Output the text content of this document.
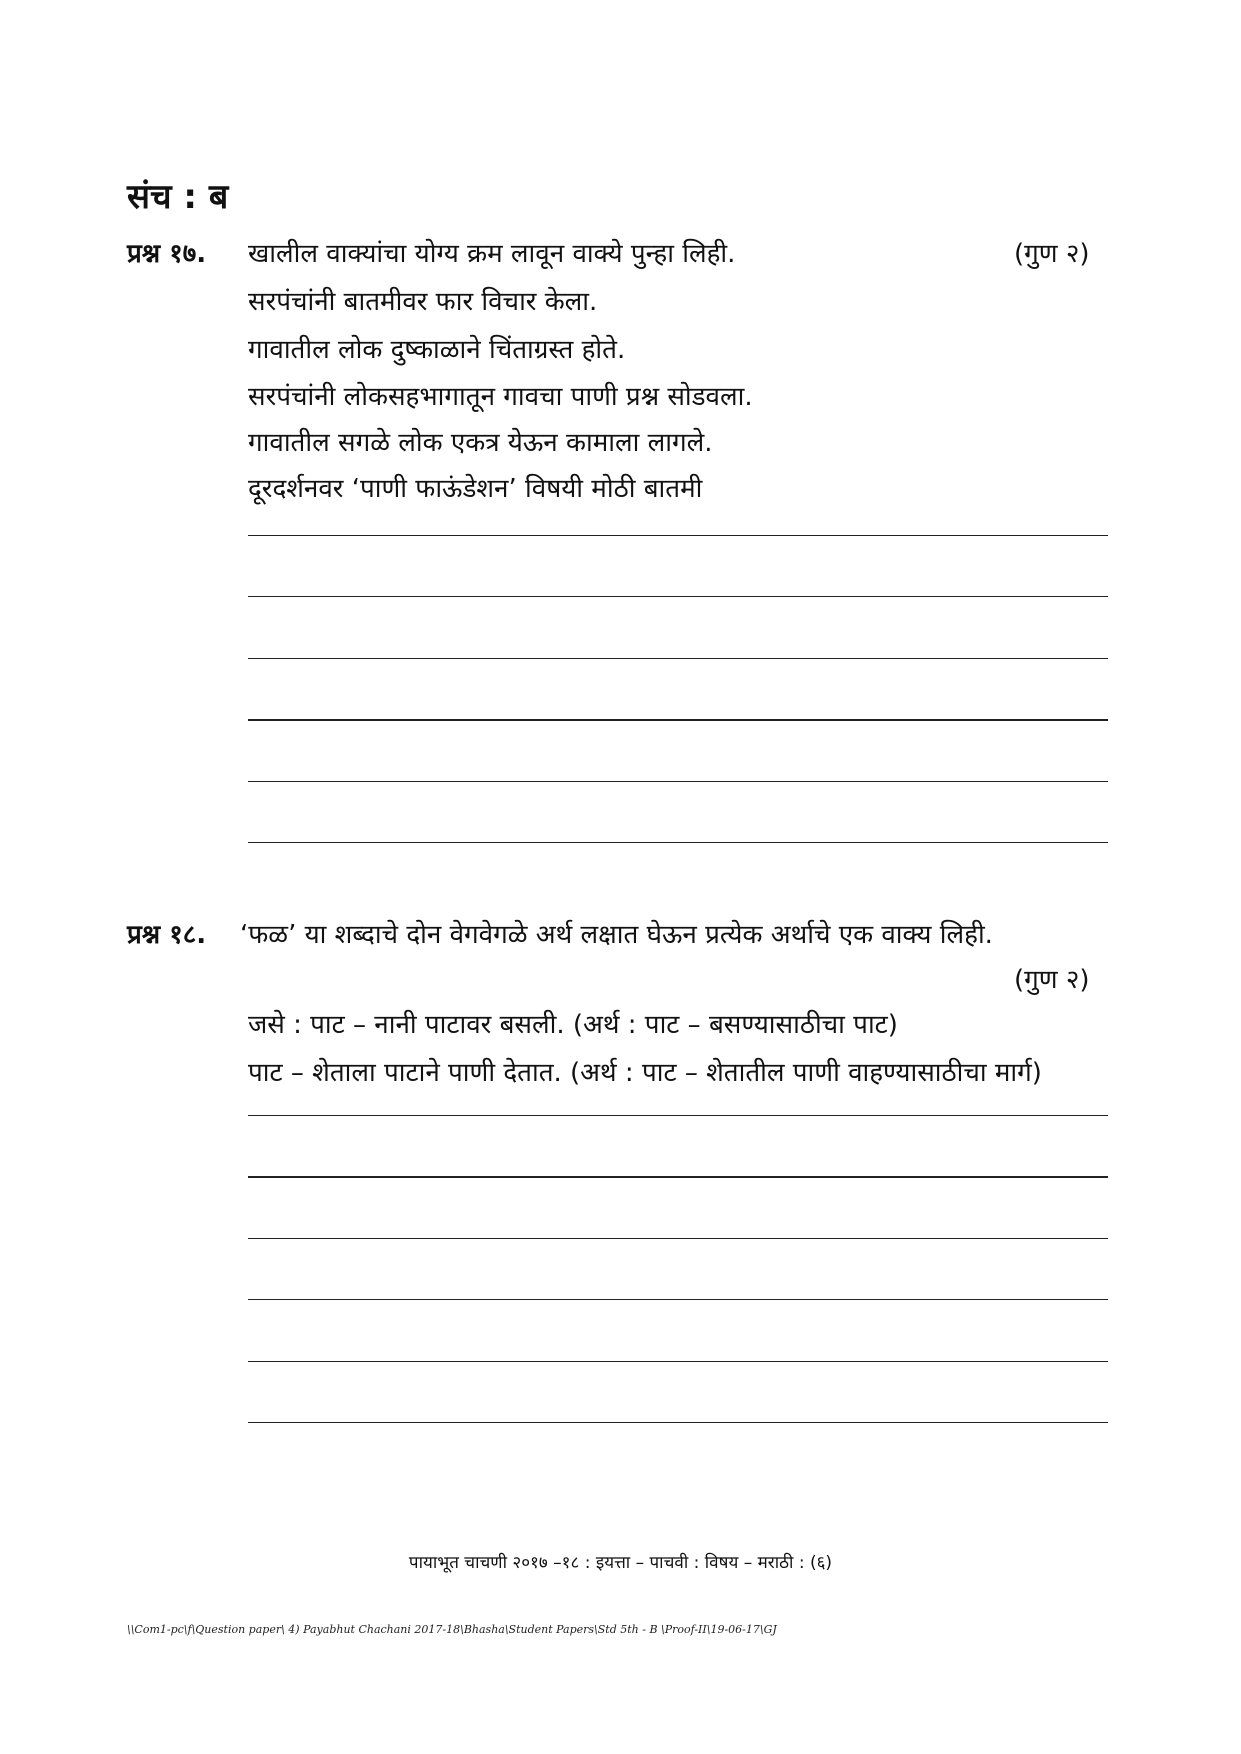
संच : ब
प्रश्न १७. खालील वाक्यांचा योग्य क्रम लावून वाक्ये पुन्हा लिही.	(गुण २)
सरपंचांनी बातमीवर फार विचार केला.
गावातील लोक दुष्काळाने चिंताग्रस्त होते.
सरपंचांनी लोकसहभागातून गावचा पाणी प्रश्न सोडवला.
गावातील सगळे लोक एकत्र येऊन कामाला लागले.
दूरदर्शनवर ‘पाणी फाऊंडेशन’ विषयी मोठी बातमी
प्रश्न १८. ‘फळ’ या शब्दाचे दोन वेगवेगळे अर्थ लक्षात घेऊन प्रत्येक अर्थाचे एक वाक्य लिही.
(गुण २)
जसे : पाट – नानी पाटावर बसली. (अर्थ : पाट – बसण्यासाठीचा पाट)
पाट – शेताला पाटाने पाणी देतात. (अर्थ : पाट – शेतातील पाणी वाहण्यासाठीचा मार्ग)
पायाभूत चाचणी २०१७ –१८ : इयत्ता – पाचवी : विषय – मराठी : (६)
\\Com1-pc\f\Question paper\ 4) Payabhut Chachani 2017-18\Bhasha\Student Papers\Std 5th - B \Proof-II\19-06-17\GJ
